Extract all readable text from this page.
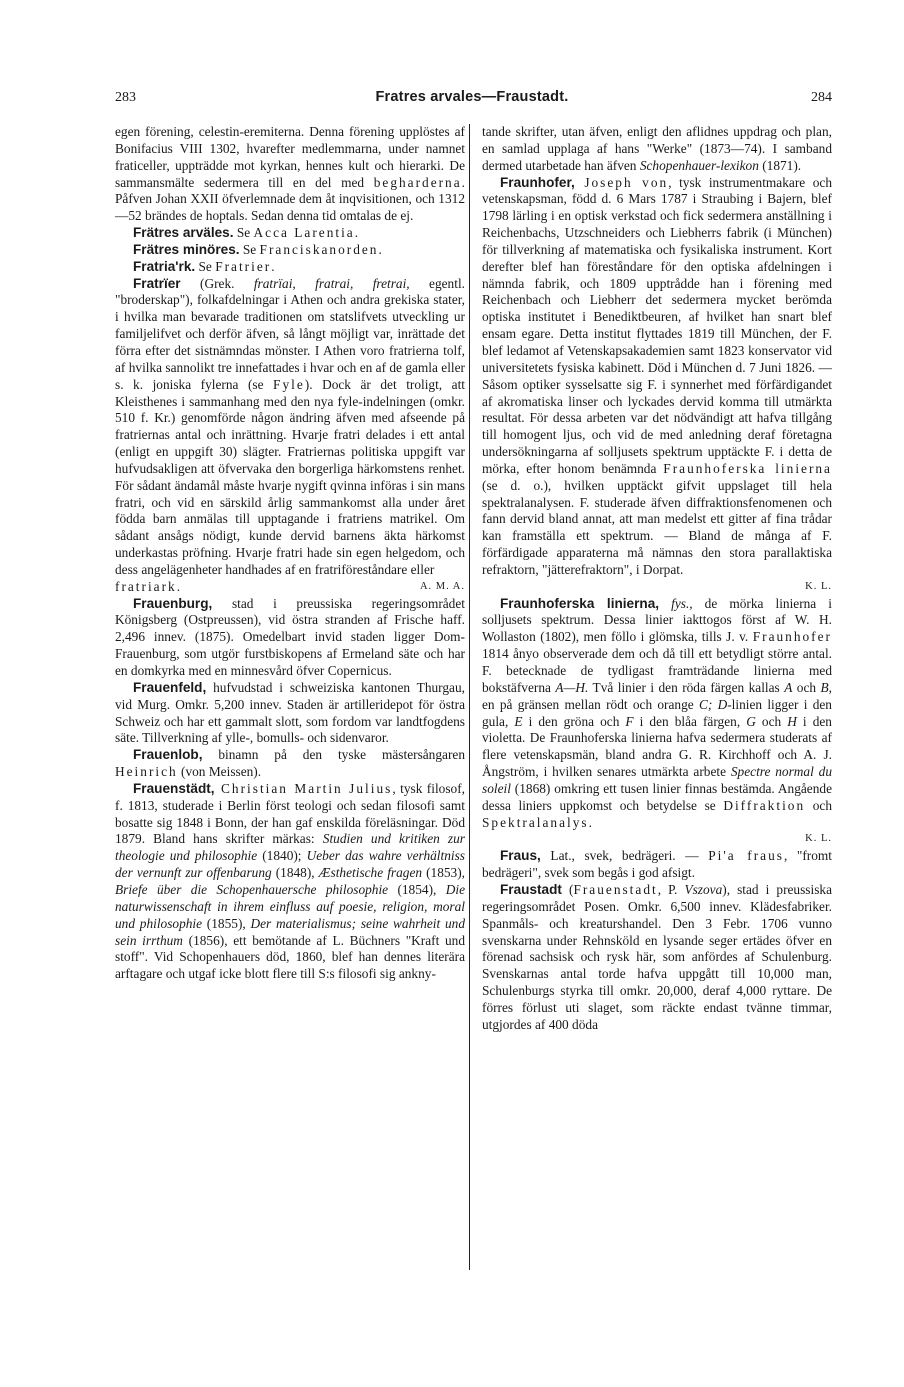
283	Fratres arvales—Fraustadt.	284

egen förening, celestin-eremiterna. Denna förening upplöstes af Bonifacius VIII 1302, hvarefter medlemmarna, under namnet fraticeller, uppträdde mot kyrkan, hennes kult och hierarki. De sammansmälte sedermera till en del med begharderna. Påfven Johan XXII öfverlemnade dem åt inqvisitionen, och 1312—52 brändes de hoptals. Sedan denna tid omtalas de ej.

Frätres arväles. Se Acca Larentia.

Frätres minöres. Se Franciskanorden.

Fratria'rk. Se Fratrier.

Fratrïer (Grek. fratrïai, fratrai, fretrai, egentl. "broderskap"), folkafdelningar i Athen och andra grekiska stater, i hvilka man bevarade traditionen om statslifvets utveckling ur familjelifvet och derför äfven, så långt möjligt var, inrättade det förra efter det sistnämndas mönster. I Athen voro fratrierna tolf, af hvilka sannolikt tre innefattades i hvar och en af de gamla eller s. k. joniska fylerna (se Fyle). Dock är det troligt, att Kleisthenes i sammanhang med den nya fyle-indelningen (omkr. 510 f. Kr.) genomförde någon ändring äfven med afseende på fratriernas antal och inrättning. Hvarje fratri delades i ett antal (enligt en uppgift 30) slägter. Fratriernas politiska uppgift var hufvudsakligen att öfvervaka den borgerliga härkomstens renhet. För sådant ändamål måste hvarje nygift qvinna införas i sin mans fratri, och vid en särskild årlig sammankomst alla under året födda barn anmälas till upptagande i fratriens matrikel. Om sådant ansågs nödigt, kunde dervid barnens äkta härkomst underkastas pröfning. Hvarje fratri hade sin egen helgedom, och dess angelägenheter handhades af en fratriföreståndare eller

fratriark.	A. M. A.

Frauenburg, stad i preussiska regeringsområdet Königsberg (Ostpreussen), vid östra stranden af Frische haff. 2,496 innev. (1875). Omedelbart invid staden ligger Dom-Frauenburg, som utgör furstbiskopens af Ermeland säte och har en domkyrka med en minnesvård öfver Copernicus.

Frauenfeld, hufvudstad i schweiziska kantonen Thurgau, vid Murg. Omkr. 5,200 innev. Staden är artilleridepot för östra Schweiz och har ett gammalt slott, som fordom var landtfogdens säte. Tillverkning af ylle-, bomulls- och sidenvaror.

Frauenlob, binamn på den tyske mästersångaren Heinrich (von Meissen).

Frauenstädt, Christian Martin Julius, tysk filosof, f. 1813, studerade i Berlin först teologi och sedan filosofi samt bosatte sig 1848 i Bonn, der han gaf enskilda föreläsningar. Död 1879. Bland hans skrifter märkas: Studien und kritiken zur theologie und philosophie (1840); Ueber das wahre verhältniss der vernunft zur offenbarung (1848), Æsthetische fragen (1853), Briefe über die Schopenhauersche philosophie (1854), Die naturwissenschaft in ihrem einfluss auf poesie, religion, moral und philosophie (1855), Der materialismus; seine wahrheit und sein irrthum (1856), ett bemötande af L. Büchners "Kraft und stoff". Vid Schopenhauers död, 1860, blef han dennes literära arftagare och utgaf icke blott flere till S:s filosofi sig ankny-

tande skrifter, utan äfven, enligt den aflidnes uppdrag och plan, en samlad upplaga af hans "Werke" (1873—74). I samband dermed utarbetade han äfven Schopenhauer-lexikon (1871).

Fraunhofer, Joseph von, tysk instrumentmakare och vetenskapsman, född d. 6 Mars 1787 i Straubing i Bajern, blef 1798 lärling i en optisk verkstad och fick sedermera anställning i Reichenbachs, Utzschneiders och Liebherrs fabrik (i München) för tillverkning af matematiska och fysikaliska instrument. Kort derefter blef han föreståndare för den optiska afdelningen i nämnda fabrik, och 1809 upptrådde han i förening med Reichenbach och Liebherr det sedermera mycket berömda optiska institutet i Benediktbeuren, af hvilket han snart blef ensam egare. Detta institut flyttades 1819 till München, der F. blef ledamot af Vetenskapsakademien samt 1823 konservator vid universitetets fysiska kabinett. Död i München d. 7 Juni 1826. — Såsom optiker sysselsatte sig F. i synnerhet med förfärdigandet af akromatiska linser och lyckades dervid komma till utmärkta resultat. För dessa arbeten var det nödvändigt att hafva tillgång till homogent ljus, och vid de med anledning deraf företagna undersökningarna af solljusets spektrum upptäckte F. i detta de mörka, efter honom benämnda Fraunhoferska linierna (se d. o.), hvilken upptäckt gifvit uppslaget till hela spektralanalysen. F. studerade äfven diffraktionsfenomenen och fann dervid bland annat, att man medelst ett gitter af fina trådar kan framställa ett spektrum. — Bland de många af F. förfärdigade apparaterna må nämnas den stora parallaktiska refraktorn, "jätterefraktorn", i Dorpat.

K. L.

Fraunhoferska linierna, fys., de mörka linierna i solljusets spektrum. Dessa linier iakttogos först af W. H. Wollaston (1802), men föllo i glömska, tills J. v. Fraunhofer 1814 ånyo observerade dem och då till ett betydligt större antal. F. betecknade de tydligast framträdande linierna med bokstäfverna A—H. Två linier i den röda färgen kallas A och B, en på gränsen mellan rödt och orange C; D-linien ligger i den gula, E i den gröna och F i den blåa färgen, G och H i den violetta. De Fraunhoferska linierna hafva sedermera studerats af flere vetenskapsmän, bland andra G. R. Kirchhoff och A. J. Ångström, i hvilken senares utmärkta arbete Spectre normal du soleil (1868) omkring ett tusen linier finnas bestämda. Angående dessa liniers uppkomst och betydelse se Diffraktion och Spektralanalys.

K. L.

Fraus, Lat., svek, bedrägeri. — Pi'a fraus, "fromt bedrägeri", svek som begås i god afsigt.

Fraustadt (Frauenstadt, P. Vszova), stad i preussiska regeringsområdet Posen. Omkr. 6,500 innev. Klädesfabriker. Spanmåls- och kreaturshandel. Den 3 Febr. 1706 vunno svenskarna under Rehnsköld en lysande seger ertädes öfver en förenad sachsisk och rysk här, som anfördes af Schulenburg. Svenskarnas antal torde hafva uppgått till 10,000 man, Schulenburgs styrka till omkr. 20,000, deraf 4,000 ryttare. De förres förlust uti slaget, som räckte endast tvänne timmar, utgjordes af 400 döda
